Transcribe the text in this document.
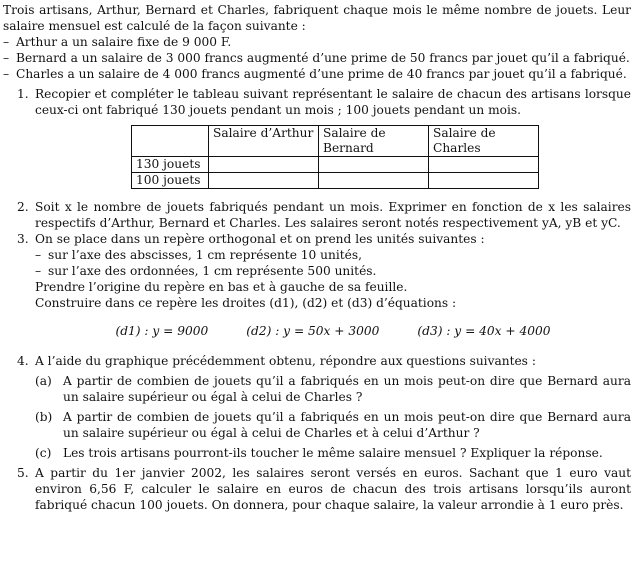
Trois artisans, Arthur, Bernard et Charles, fabriquent chaque mois le même nombre de jouets. Leur salaire mensuel est calculé de la façon suivante :

– Arthur a un salaire fixe de 9 000 F.

– Bernard a un salaire de 3 000 francs augmenté d’une prime de 50 francs par jouet qu’il a fabriqué.

– Charles a un salaire de 4 000 francs augmenté d’une prime de 40 francs par jouet qu’il a fabriqué.

1. Recopier et compléter le tableau suivant représentant le salaire de chacun des artisans lorsque ceux-ci ont fabriqué 130 jouets pendant un mois ; 100 jouets pendant un mois.

	Salaire d’Arthur	Salaire de Bernard	Salaire de Charles
130 jouets			
100 jouets			
2. Soit x le nombre de jouets fabriqués pendant un mois. Exprimer en fonction de x les salaires respectifs d’Arthur, Bernard et Charles. Les salaires seront notés respectivement yA, yB et yC.

3. On se place dans un repère orthogonal et on prend les unités suivantes :

– sur l’axe des abscisses, 1 cm représente 10 unités,

– sur l’axe des ordonnées, 1 cm représente 500 unités.

Prendre l’origine du repère en bas et à gauche de sa feuille.

Construire dans ce repère les droites (d1), (d2) et (d3) d’équations :

(d1) : y = 9000	(d2) : y = 50x + 3000	(d3) : y = 40x + 4000
4. A l’aide du graphique précédemment obtenu, répondre aux questions suivantes :

(a) A partir de combien de jouets qu’il a fabriqués en un mois peut-on dire que Bernard aura un salaire supérieur ou égal à celui de Charles ?

(b) A partir de combien de jouets qu’il a fabriqués en un mois peut-on dire que Bernard aura un salaire supérieur ou égal à celui de Charles et à celui d’Arthur ?

(c) Les trois artisans pourront-ils toucher le même salaire mensuel ? Expliquer la réponse.

5. A partir du 1er janvier 2002, les salaires seront versés en euros. Sachant que 1 euro vaut environ 6,56 F, calculer le salaire en euros de chacun des trois artisans lorsqu’ils auront fabriqué chacun 100 jouets. On donnera, pour chaque salaire, la valeur arrondie à 1 euro près.
